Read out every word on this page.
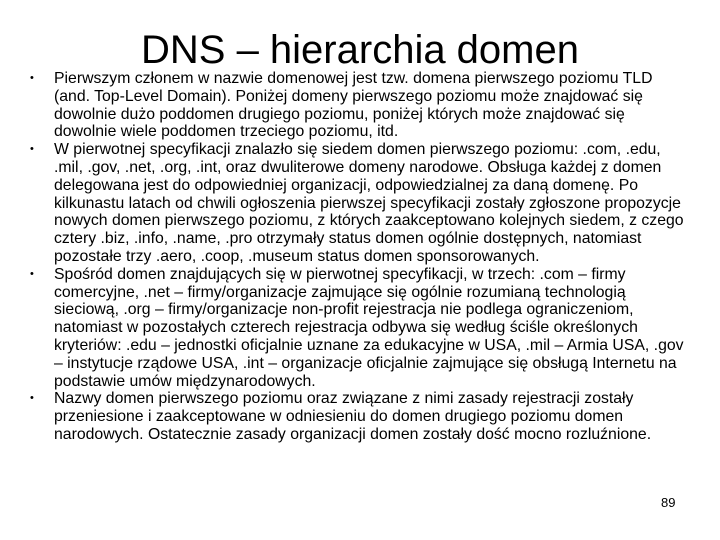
DNS – hierarchia domen
•	Pierwszym członem w nazwie domenowej jest tzw. domena pierwszego poziomu TLD (and. Top-Level Domain). Poniżej domeny pierwszego poziomu może znajdować się dowolnie dużo poddomen drugiego poziomu, poniżej których może znajdować się dowolnie wiele poddomen trzeciego poziomu, itd.
•	W pierwotnej specyfikacji znalazło się siedem domen pierwszego poziomu: .com, .edu, .mil, .gov, .net, .org, .int, oraz dwuliterowe domeny narodowe. Obsługa każdej z domen delegowana jest do odpowiedniej organizacji, odpowiedzialnej za daną domenę. Po kilkunastu latach od chwili ogłoszenia pierwszej specyfikacji zostały zgłoszone propozycje nowych domen pierwszego poziomu, z których zaakceptowano kolejnych siedem, z czego cztery .biz, .info, .name, .pro otrzymały status domen ogólnie dostępnych, natomiast pozostałe trzy .aero, .coop, .museum status domen sponsorowanych.
•	Spośród domen znajdujących się w pierwotnej specyfikacji, w trzech: .com – firmy comercyjne, .net – firmy/organizacje zajmujące się ogólnie rozumianą technologią sieciową, .org – firmy/organizacje non-profit rejestracja nie podlega ograniczeniom, natomiast w pozostałych czterech rejestracja odbywa się według ściśle określonych kryteriów: .edu – jednostki oficjalnie uznane za edukacyjne w USA, .mil – Armia USA, .gov – instytucje rządowe USA, .int – organizacje oficjalnie zajmujące się obsługą Internetu na podstawie umów międzynarodowych.
•	Nazwy domen pierwszego poziomu oraz związane z nimi zasady rejestracji zostały przeniesione i zaakceptowane w odniesieniu do domen drugiego poziomu domen narodowych. Ostatecznie zasady organizacji domen zostały dość mocno rozluźnione.
89
